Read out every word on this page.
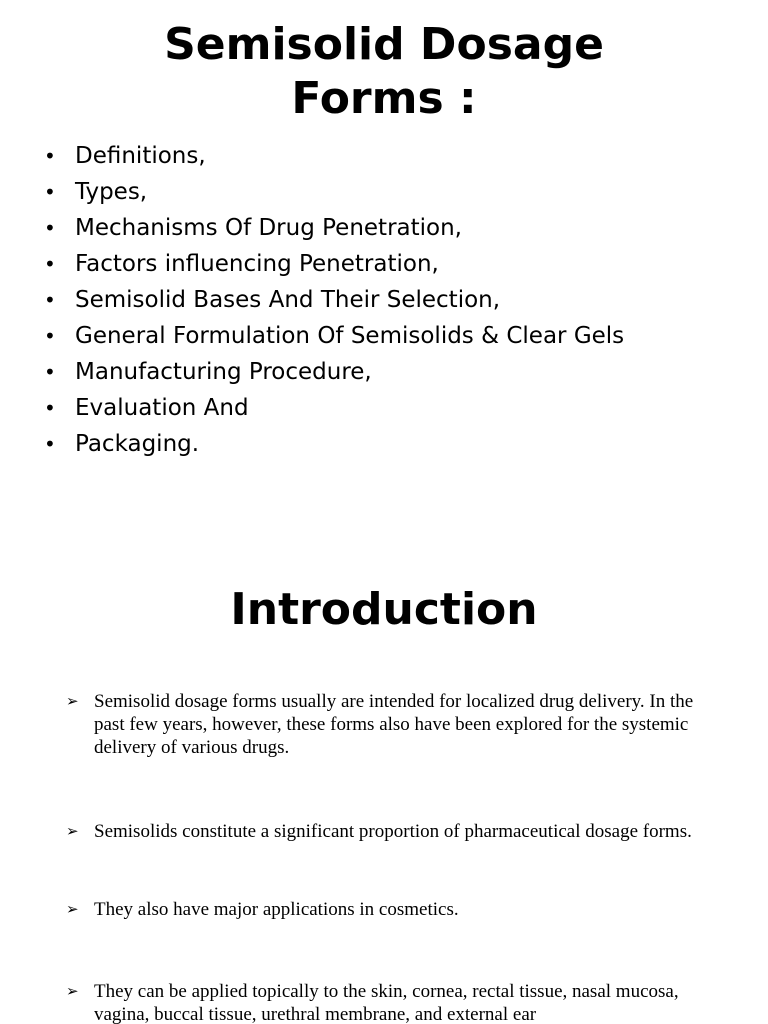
Semisolid Dosage
Forms :
• Definitions,
• Types,
• Mechanisms Of Drug Penetration,
• Factors influencing Penetration,
• Semisolid Bases And Their Selection,
• General Formulation Of Semisolids & Clear Gels
• Manufacturing Procedure,
• Evaluation And
• Packaging.
Introduction
➢ Semisolid dosage forms usually are intended for localized drug delivery. In the past few years, however, these forms also have been explored for the systemic delivery of various drugs.
➢ Semisolids constitute a significant proportion of pharmaceutical dosage forms.
➢ They also have major applications in cosmetics.
➢ They can be applied topically to the skin, cornea, rectal tissue, nasal mucosa, vagina, buccal tissue, urethral membrane, and external ear
